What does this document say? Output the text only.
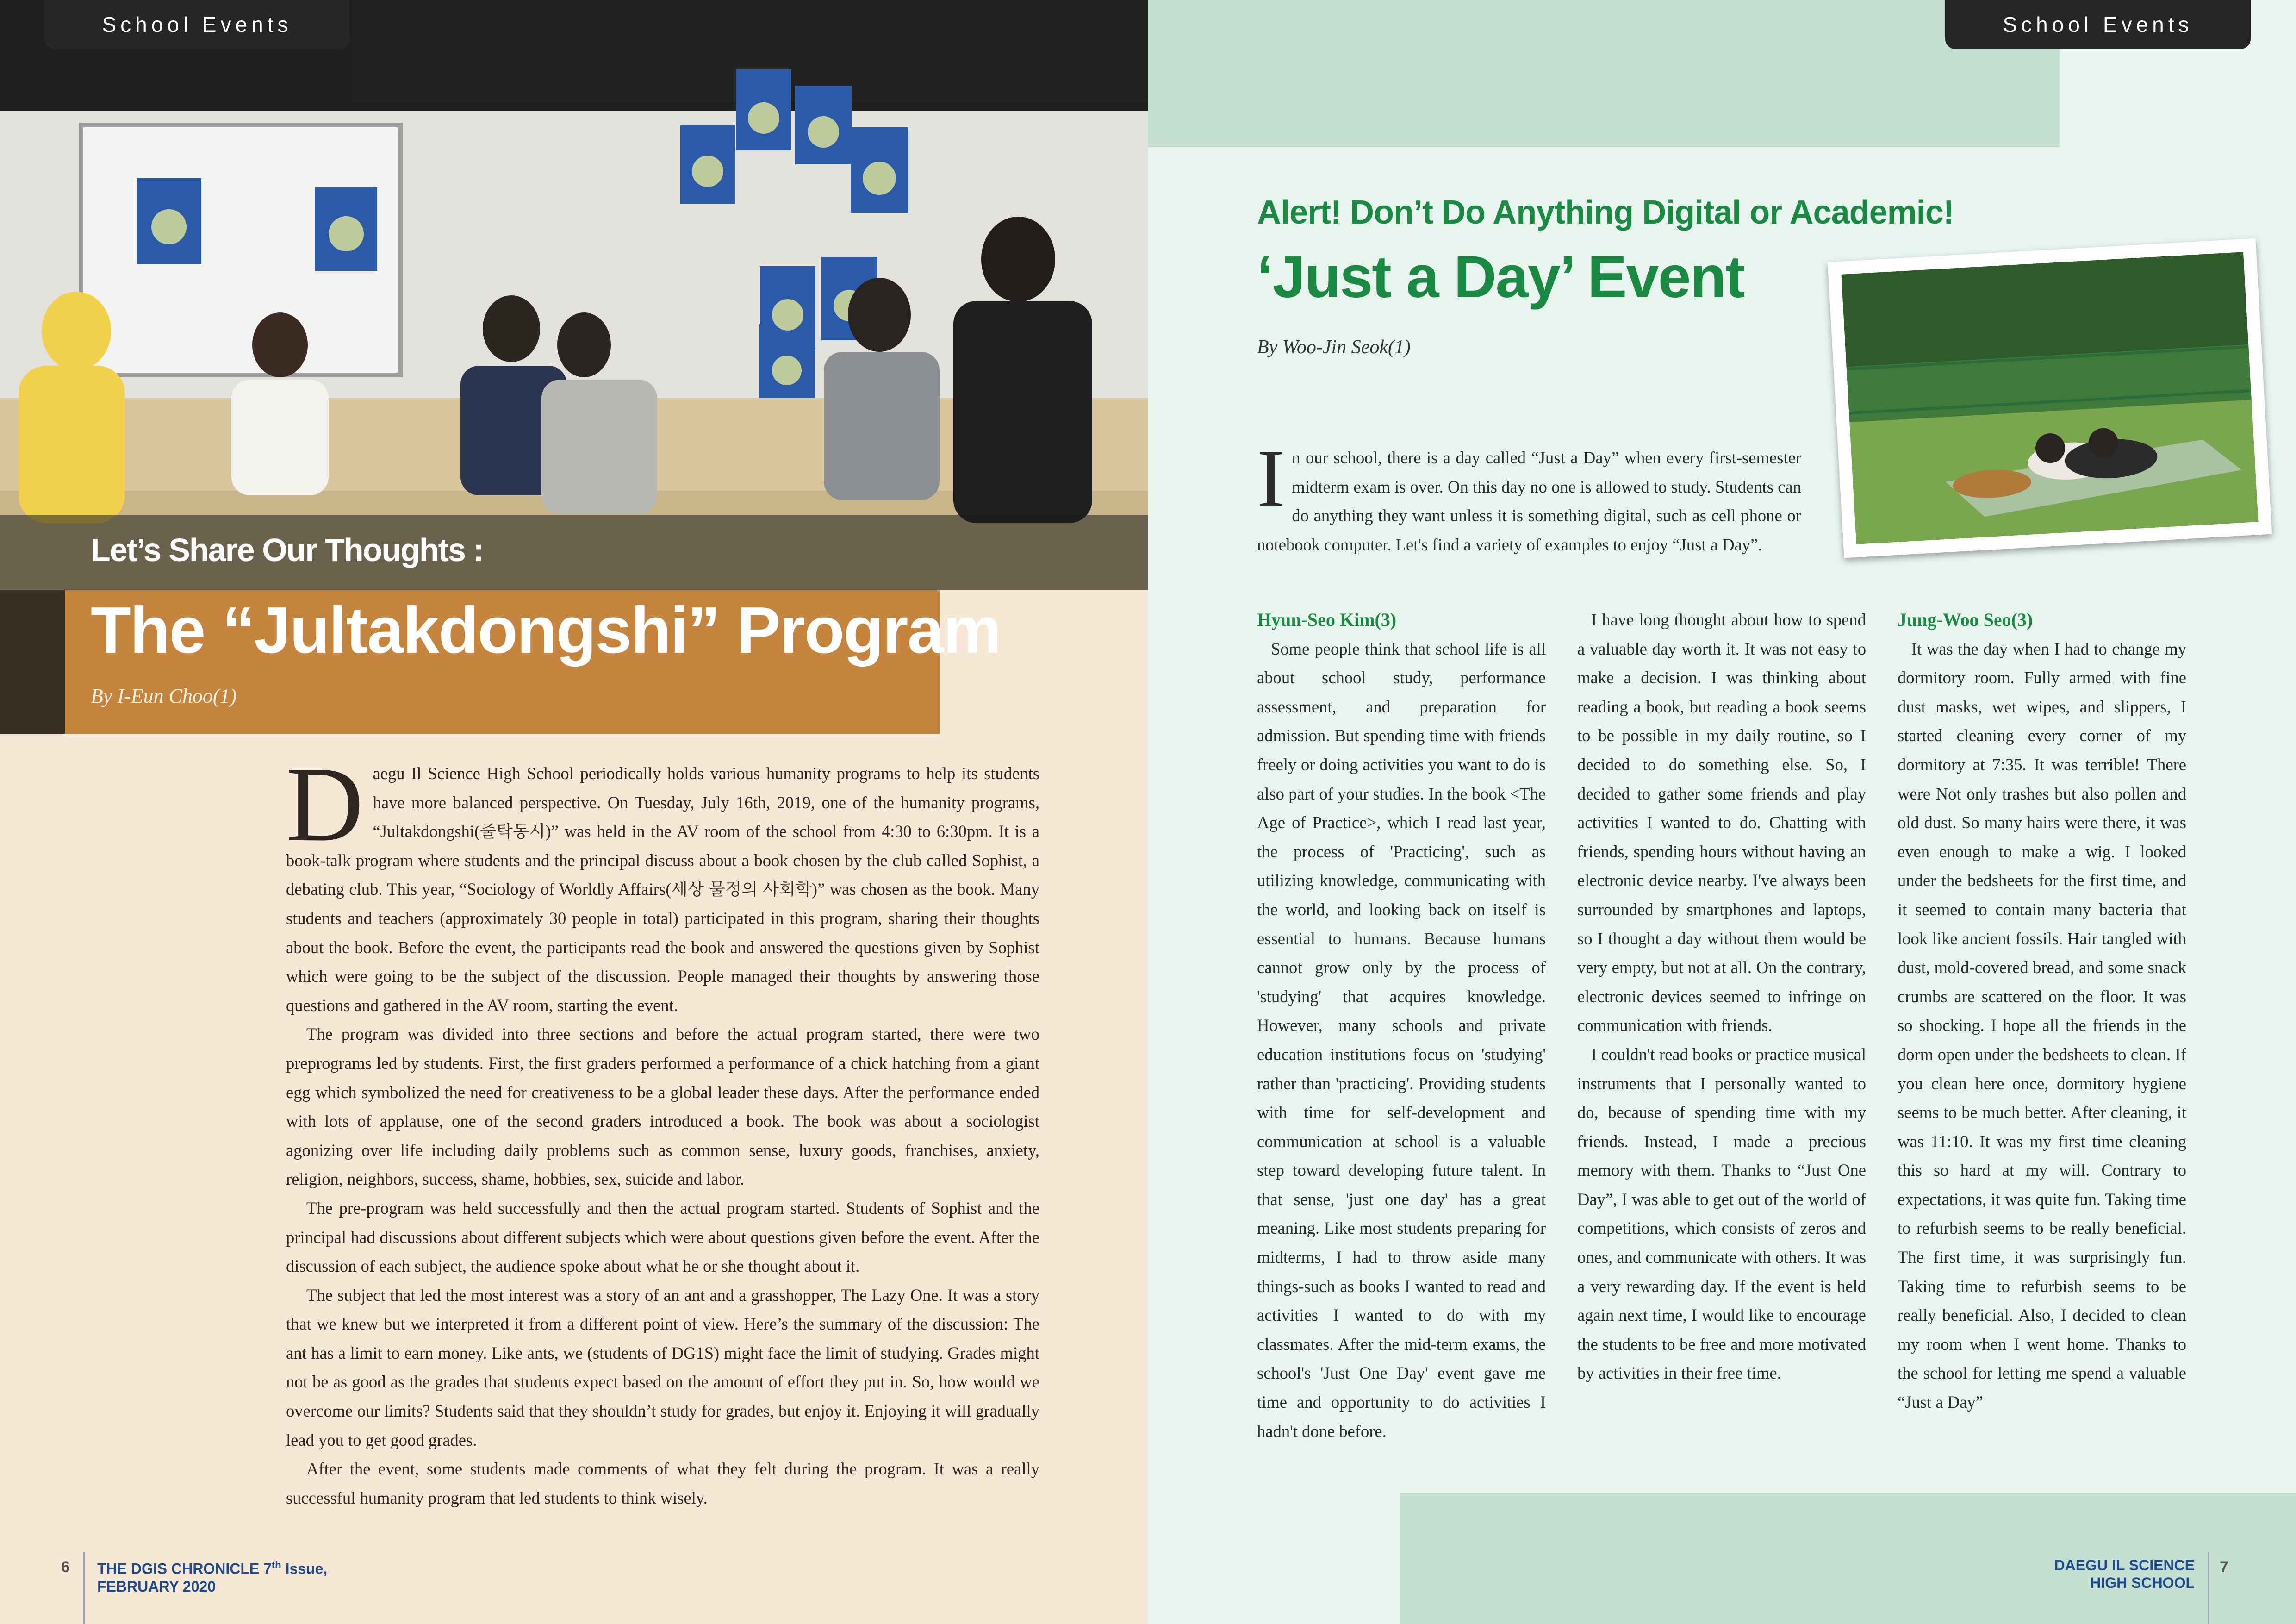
School Events
Let’s Share Our Thoughts :
The “Jultakdongshi” Program
By I-Eun Choo(1)

Daegu Il Science High School periodically holds various humanity programs to help its students have more balanced perspective. On Tuesday, July 16th, 2019, one of the humanity programs, “Jultakdongshi(줄탁동시)” was held in the AV room of the school from 4:30 to 6:30pm. It is a book-talk program where students and the principal discuss about a book chosen by the club called Sophist, a debating club. This year, “Sociology of Worldly Affairs(세상 물정의 사회학)” was chosen as the book. Many students and teachers (approximately 30 people in total) participated in this program, sharing their thoughts about the book. Before the event, the participants read the book and answered the questions given by Sophist which were going to be the subject of the discussion. People managed their thoughts by answering those questions and gathered in the AV room, starting the event.

The program was divided into three sections and before the actual program started, there were two preprograms led by students. First, the first graders performed a performance of a chick hatching from a giant egg which symbolized the need for creativeness to be a global leader these days. After the performance ended with lots of applause, one of the second graders introduced a book. The book was about a sociologist agonizing over life including daily problems such as common sense, luxury goods, franchises, anxiety, religion, neighbors, success, shame, hobbies, sex, suicide and labor.

The pre-program was held successfully and then the actual program started. Students of Sophist and the principal had discussions about different subjects which were about questions given before the event. After the discussion of each subject, the audience spoke about what he or she thought about it.

The subject that led the most interest was a story of an ant and a grasshopper, The Lazy One. It was a story that we knew but we interpreted it from a different point of view. Here’s the summary of the discussion: The ant has a limit to earn money. Like ants, we (students of DG1S) might face the limit of studying. Grades might not be as good as the grades that students expect based on the amount of effort they put in. So, how would we overcome our limits? Students said that they shouldn’t study for grades, but enjoy it. Enjoying it will gradually lead you to get good grades.

After the event, some students made comments of what they felt during the program. It was a really successful humanity program that led students to think wisely.

6 THE DGIS CHRONICLE 7th Issue,
FEBRUARY 2020
School Events
Alert! Don’t Do Anything Digital or Academic!
‘Just a Day’ Event
By Woo-Jin Seok(1)

In our school, there is a day called “Just a Day” when every first-semester midterm exam is over. On this day no one is allowed to study. Students can do anything they want unless it is something digital, such as cell phone or notebook computer. Let's find a variety of examples to enjoy “Just a Day”.

Hyun-Seo Kim(3)

Some people think that school life is all about school study, performance assessment, and preparation for admission. But spending time with friends freely or doing activities you want to do is also part of your studies. In the book <The Age of Practice>, which I read last year, the process of 'Practicing', such as utilizing knowledge, communicating with the world, and looking back on itself is essential to humans. Because humans cannot grow only by the process of 'studying' that acquires knowledge. However, many schools and private education institutions focus on 'studying' rather than 'practicing'. Providing students with time for self-development and communication at school is a valuable step toward developing future talent. In that sense, 'just one day' has a great meaning. Like most students preparing for midterms, I had to throw aside many things-such as books I wanted to read and activities I wanted to do with my classmates. After the mid-term exams, the school's 'Just One Day' event gave me time and opportunity to do activities I hadn't done before.

I have long thought about how to spend a valuable day worth it. It was not easy to make a decision. I was thinking about reading a book, but reading a book seems to be possible in my daily routine, so I decided to do something else. So, I decided to gather some friends and play activities I wanted to do. Chatting with friends, spending hours without having an electronic device nearby. I've always been surrounded by smartphones and laptops, so I thought a day without them would be very empty, but not at all. On the contrary, electronic devices seemed to infringe on communication with friends.

I couldn't read books or practice musical instruments that I personally wanted to do, because of spending time with my friends. Instead, I made a precious memory with them. Thanks to “Just One Day”, I was able to get out of the world of competitions, which consists of zeros and ones, and communicate with others. It was a very rewarding day. If the event is held again next time, I would like to encourage the students to be free and more motivated by activities in their free time.

Jung-Woo Seo(3)

It was the day when I had to change my dormitory room. Fully armed with fine dust masks, wet wipes, and slippers, I started cleaning every corner of my dormitory at 7:35. It was terrible! There were Not only trashes but also pollen and old dust. So many hairs were there, it was even enough to make a wig. I looked under the bedsheets for the first time, and it seemed to contain many bacteria that look like ancient fossils. Hair tangled with dust, mold-covered bread, and some snack crumbs are scattered on the floor. It was so shocking. I hope all the friends in the dorm open under the bedsheets to clean. If you clean here once, dormitory hygiene seems to be much better. After cleaning, it was 11:10. It was my first time cleaning this so hard at my will. Contrary to expectations, it was quite fun. Taking time to refurbish seems to be really beneficial. The first time, it was surprisingly fun. Taking time to refurbish seems to be really beneficial. Also, I decided to clean my room when I went home. Thanks to the school for letting me spend a valuable “Just a Day”

DAEGU IL SCIENCE
HIGH SCHOOL
7
